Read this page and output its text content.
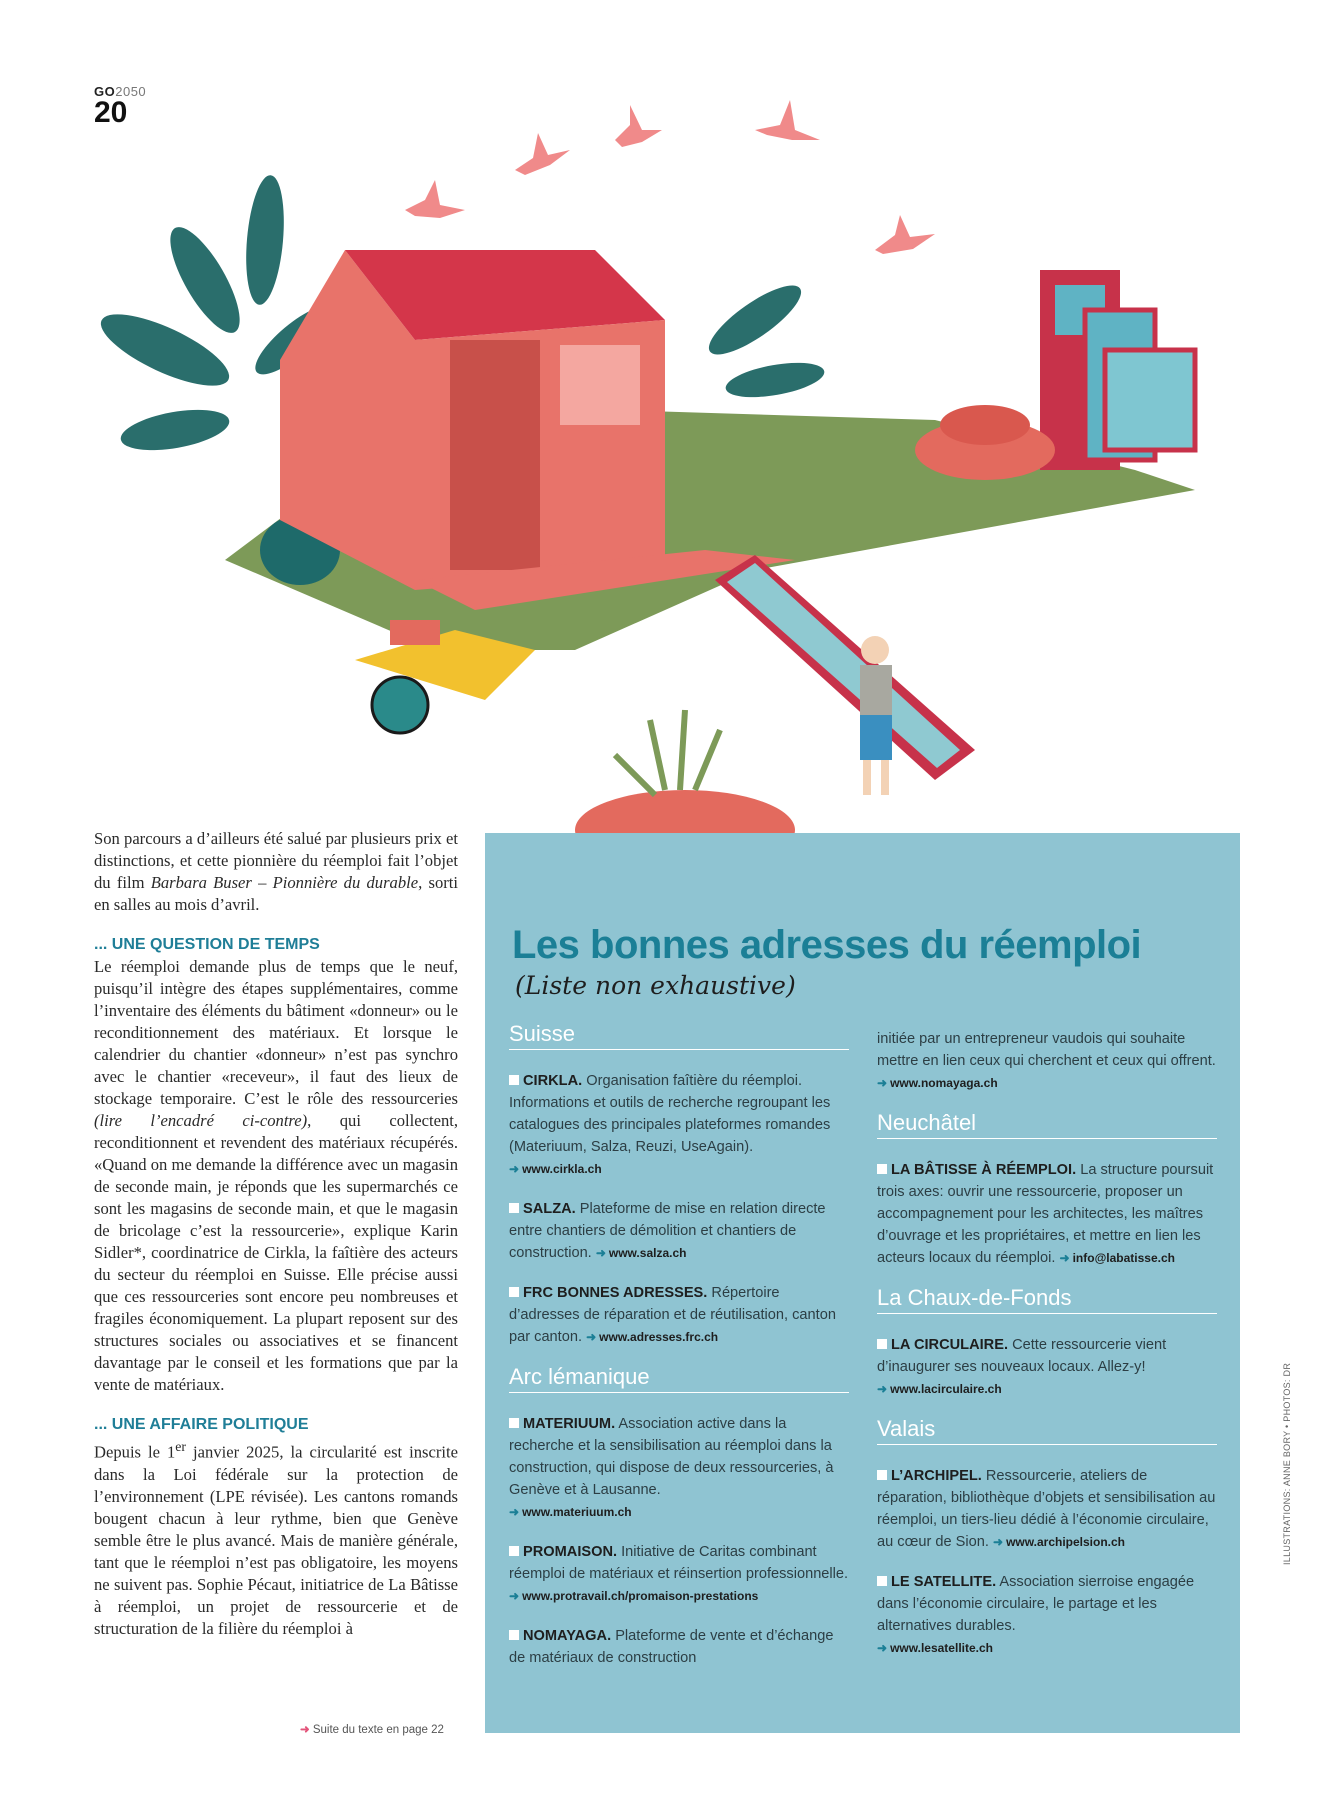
GO2050
20

Son parcours a d’ailleurs été salué par plusieurs prix et distinctions, et cette pionnière du réemploi fait l’objet du film Barbara Buser – Pionnière du durable, sorti en salles au mois d’avril.

... UNE QUESTION DE TEMPS

Le réemploi demande plus de temps que le neuf, puisqu’il intègre des étapes supplémentaires, comme l’inventaire des éléments du bâtiment «donneur» ou le reconditionnement des matériaux. Et lorsque le calendrier du chantier «donneur» n’est pas synchro avec le chantier «receveur», il faut des lieux de stockage temporaire. C’est le rôle des ressourceries (lire l’encadré ci-contre), qui collectent, reconditionnent et revendent des matériaux récupérés. «Quand on me demande la différence avec un magasin de seconde main, je réponds que les supermarchés ce sont les magasins de seconde main, et que le magasin de bricolage c’est la ressourcerie», explique Karin Sidler*, coordinatrice de Cirkla, la faîtière des acteurs du secteur du réemploi en Suisse. Elle précise aussi que ces ressourceries sont encore peu nombreuses et fragiles économiquement. La plupart reposent sur des structures sociales ou associatives et se financent davantage par le conseil et les formations que par la vente de matériaux.

... UNE AFFAIRE POLITIQUE

Depuis le 1er janvier 2025, la circularité est inscrite dans la Loi fédérale sur la protection de l’environnement (LPE révisée). Les cantons romands bougent chacun à leur rythme, bien que Genève semble être le plus avancé. Mais de manière générale, tant que le réemploi n’est pas obligatoire, les moyens ne suivent pas. Sophie Pécaut, initiatrice de La Bâtisse à réemploi, un projet de ressourcerie et de structuration de la filière du réemploi à

➜ Suite du texte en page 22
Les bonnes adresses du réemploi
(Liste non exhaustive)
Suisse
CIRKLA. Organisation faîtière du réemploi. Informations et outils de recherche regroupant les catalogues des principales plateformes romandes (Materiuum, Salza, Reuzi, UseAgain). ➜ www.cirkla.ch
SALZA. Plateforme de mise en relation directe entre chantiers de démolition et chantiers de construction. ➜ www.salza.ch
FRC BONNES ADRESSES. Répertoire d’adresses de réparation et de réutilisation, canton par canton. ➜ www.adresses.frc.ch
Arc lémanique
MATERIUUM. Association active dans la recherche et la sensibilisation au réemploi dans la construction, qui dispose de deux ressourceries, à Genève et à Lausanne.
➜ www.materiuum.ch
PROMAISON. Initiative de Caritas combinant réemploi de matériaux et réinsertion professionnelle.
➜ www.protravail.ch/promaison-prestations
NOMAYAGA. Plateforme de vente et d’échange de matériaux de construction
initiée par un entrepreneur vaudois qui souhaite mettre en lien ceux qui cherchent et ceux qui offrent. ➜ www.nomayaga.ch
Neuchâtel
LA BÂTISSE À RÉEMPLOI. La structure poursuit trois axes: ouvrir une ressourcerie, proposer un accompagnement pour les architectes, les maîtres d’ouvrage et les propriétaires, et mettre en lien les acteurs locaux du réemploi. ➜ info@labatisse.ch
La Chaux-de-Fonds
LA CIRCULAIRE. Cette ressourcerie vient d’inaugurer ses nouveaux locaux. Allez-y!
➜ www.lacirculaire.ch
Valais
L’ARCHIPEL. Ressourcerie, ateliers de réparation, bibliothèque d’objets et sensibilisation au réemploi, un tiers-lieu dédié à l’économie circulaire, au cœur de Sion. ➜ www.archipelsion.ch
LE SATELLITE. Association sierroise engagée dans l’économie circulaire, le partage et les alternatives durables.
➜ www.lesatellite.ch
ILLUSTRATIONS: ANNE BORY • PHOTOS: DR
